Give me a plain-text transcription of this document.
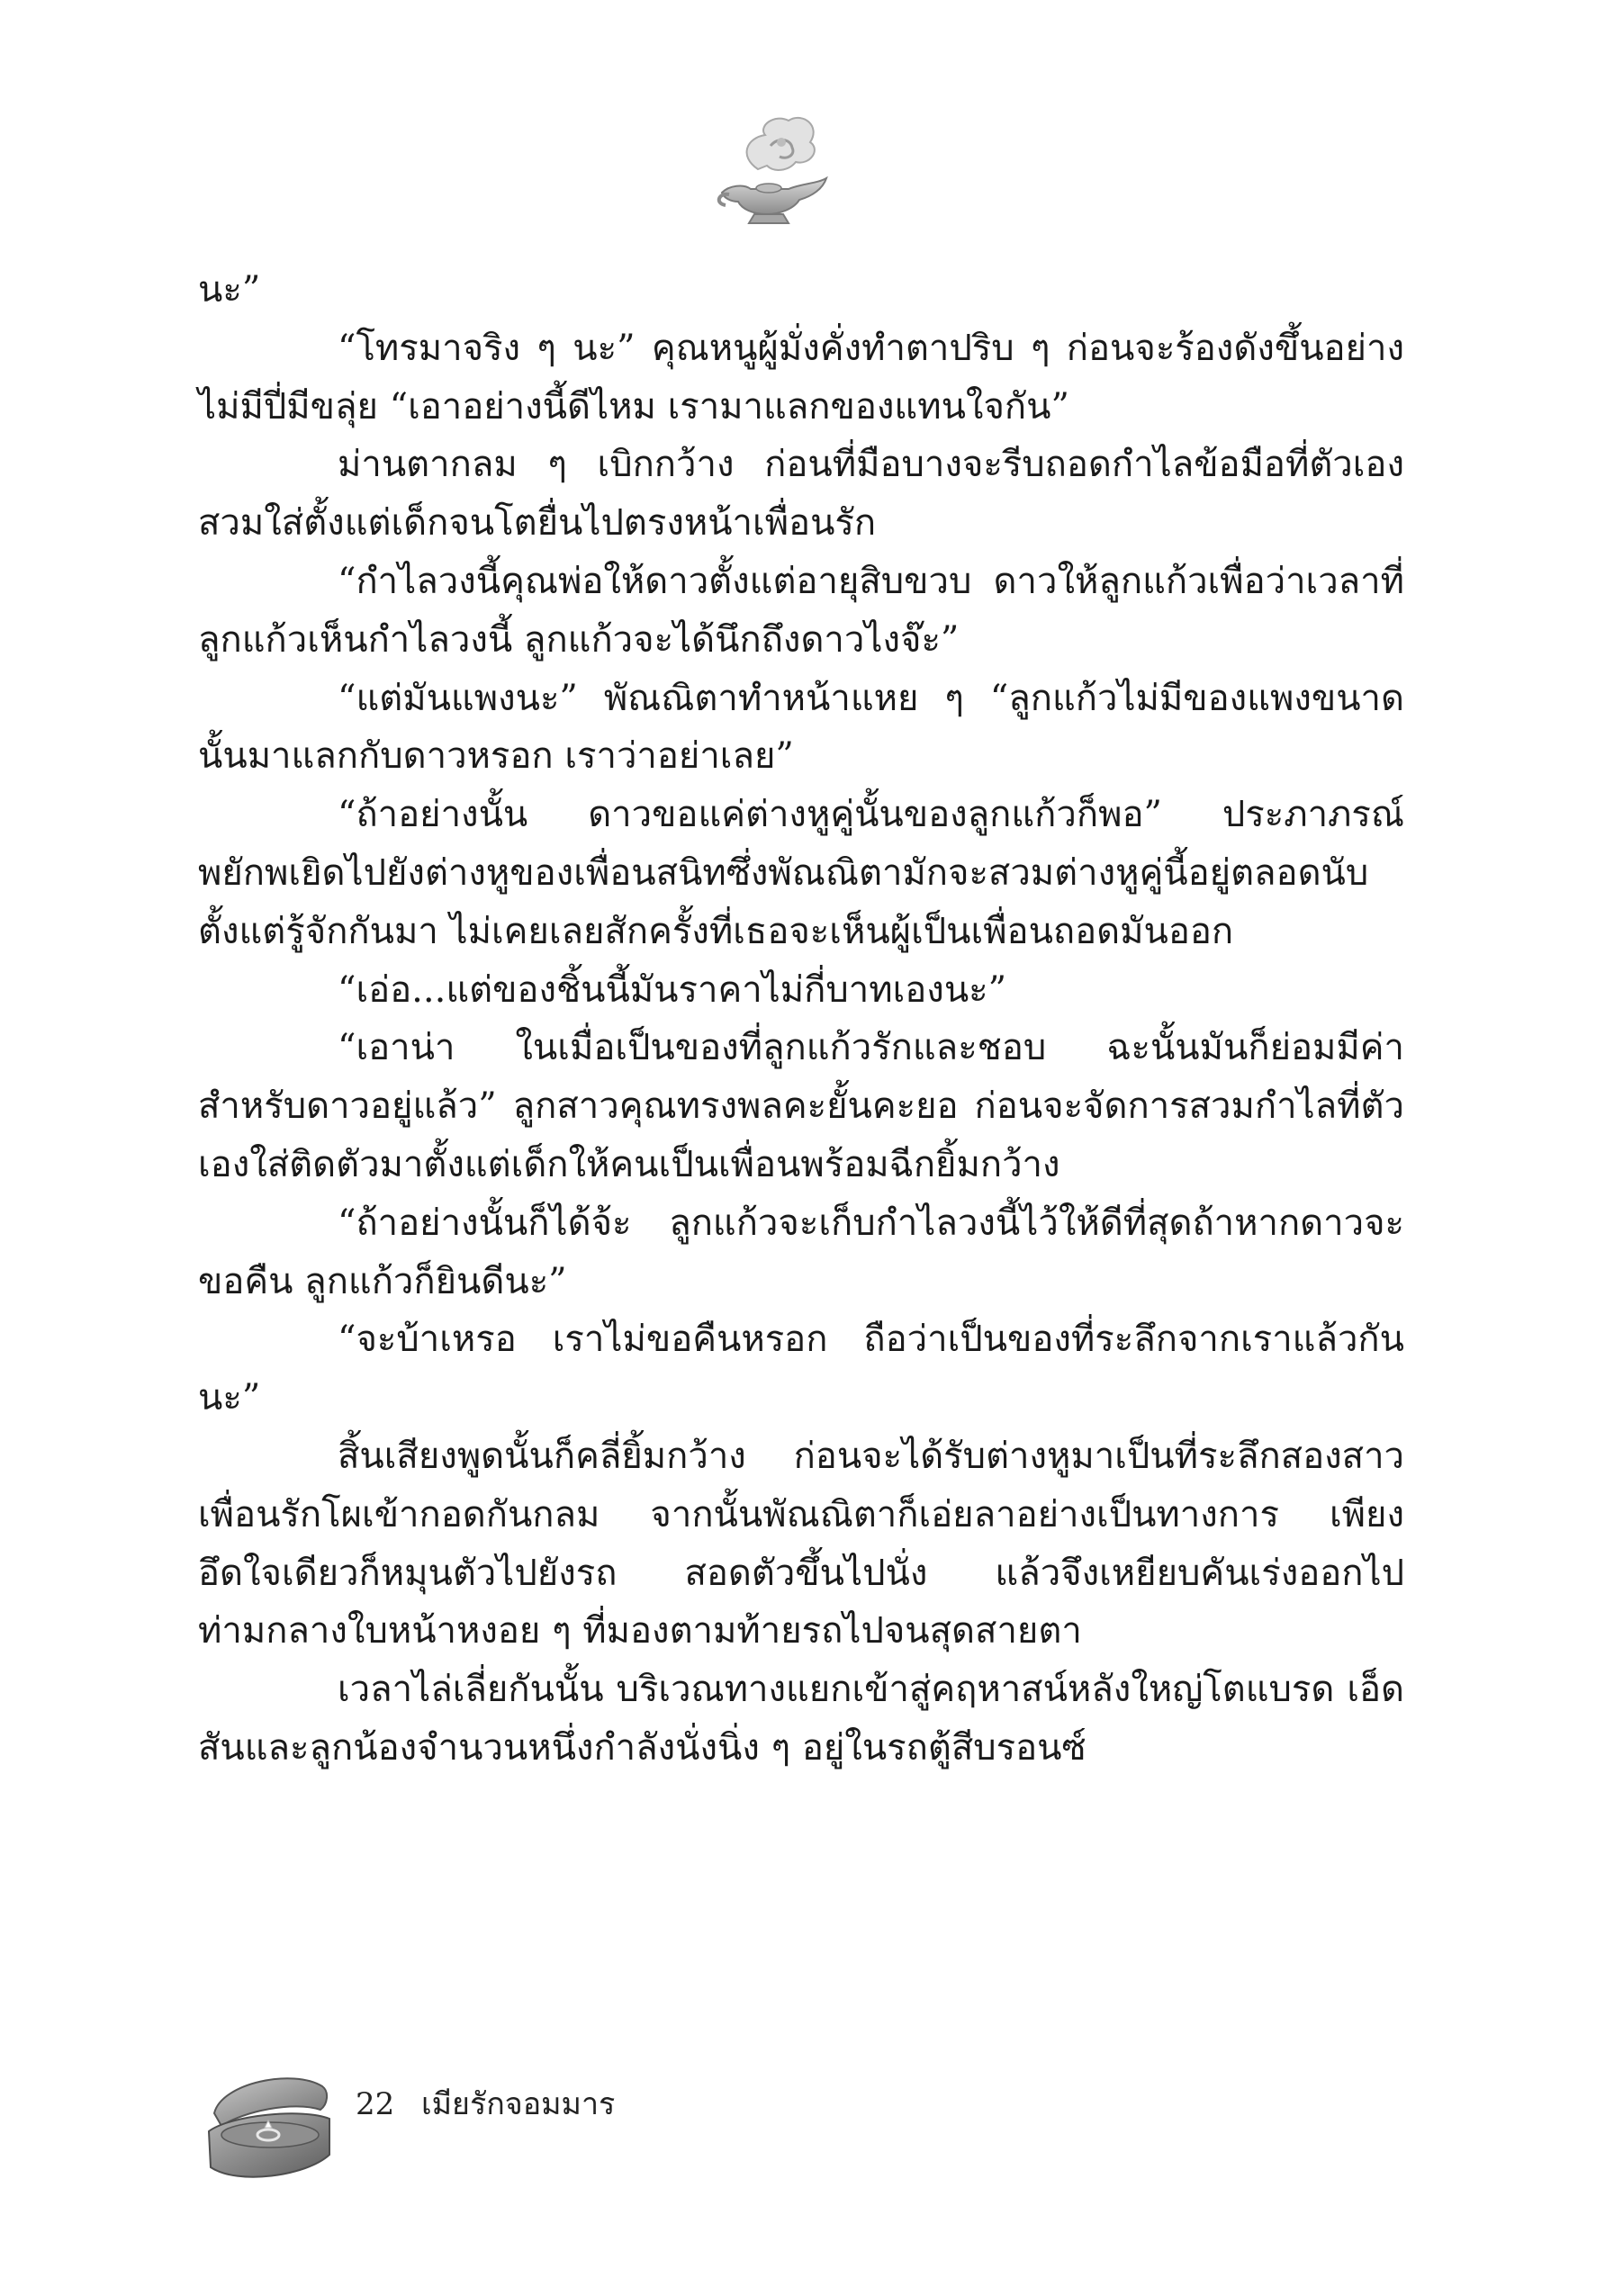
นะ”

“โทรมาจริง ๆ นะ” คุณหนูผู้มั่งคั่งทำตาปริบ ๆ ก่อนจะร้องดังขึ้นอย่างไม่มีปี่มีขลุ่ย “เอาอย่างนี้ดีไหม เรามาแลกของแทนใจกัน”

ม่านตากลม ๆ เบิกกว้าง ก่อนที่มือบางจะรีบถอดกำไลข้อมือที่ตัวเองสวมใส่ตั้งแต่เด็กจนโตยื่นไปตรงหน้าเพื่อนรัก

“กำไลวงนี้คุณพ่อให้ดาวตั้งแต่อายุสิบขวบ ดาวให้ลูกแก้วเพื่อว่าเวลาที่ลูกแก้วเห็นกำไลวงนี้ ลูกแก้วจะได้นึกถึงดาวไงจ๊ะ”

“แต่มันแพงนะ” พัณณิตาทำหน้าแหย ๆ “ลูกแก้วไม่มีของแพงขนาดนั้นมาแลกกับดาวหรอก เราว่าอย่าเลย”

“ถ้าอย่างนั้น ดาวขอแค่ต่างหูคู่นั้นของลูกแก้วก็พอ” ประภาภรณ์พยักพเยิดไปยังต่างหูของเพื่อนสนิทซึ่งพัณณิตามักจะสวมต่างหูคู่นี้อยู่ตลอดนับตั้งแต่รู้จักกันมา ไม่เคยเลยสักครั้งที่เธอจะเห็นผู้เป็นเพื่อนถอดมันออก

“เอ่อ...แต่ของชิ้นนี้มันราคาไม่กี่บาทเองนะ”

“เอาน่า ในเมื่อเป็นของที่ลูกแก้วรักและชอบ ฉะนั้นมันก็ย่อมมีค่าสำหรับดาวอยู่แล้ว” ลูกสาวคุณทรงพลคะยั้นคะยอ ก่อนจะจัดการสวมกำไลที่ตัวเองใส่ติดตัวมาตั้งแต่เด็กให้คนเป็นเพื่อนพร้อมฉีกยิ้มกว้าง

“ถ้าอย่างนั้นก็ได้จ้ะ ลูกแก้วจะเก็บกำไลวงนี้ไว้ให้ดีที่สุดถ้าหากดาวจะขอคืน ลูกแก้วก็ยินดีนะ”

“จะบ้าเหรอ เราไม่ขอคืนหรอก ถือว่าเป็นของที่ระลึกจากเราแล้วกันนะ”

สิ้นเสียงพูดนั้นก็คลี่ยิ้มกว้าง ก่อนจะได้รับต่างหูมาเป็นที่ระลึกสองสาวเพื่อนรักโผเข้ากอดกันกลม จากนั้นพัณณิตาก็เอ่ยลาอย่างเป็นทางการ เพียงอึดใจเดียวก็หมุนตัวไปยังรถ สอดตัวขึ้นไปนั่ง แล้วจึงเหยียบคันเร่งออกไป ท่ามกลางใบหน้าหงอย ๆ ที่มองตามท้ายรถไปจนสุดสายตา

เวลาไล่เลี่ยกันนั้น บริเวณทางแยกเข้าสู่คฤหาสน์หลังใหญ่โตแบรด เอ็ดสันและลูกน้องจำนวนหนึ่งกำลังนั่งนิ่ง ๆ อยู่ในรถตู้สีบรอนซ์

22 เมียรักจอมมาร
